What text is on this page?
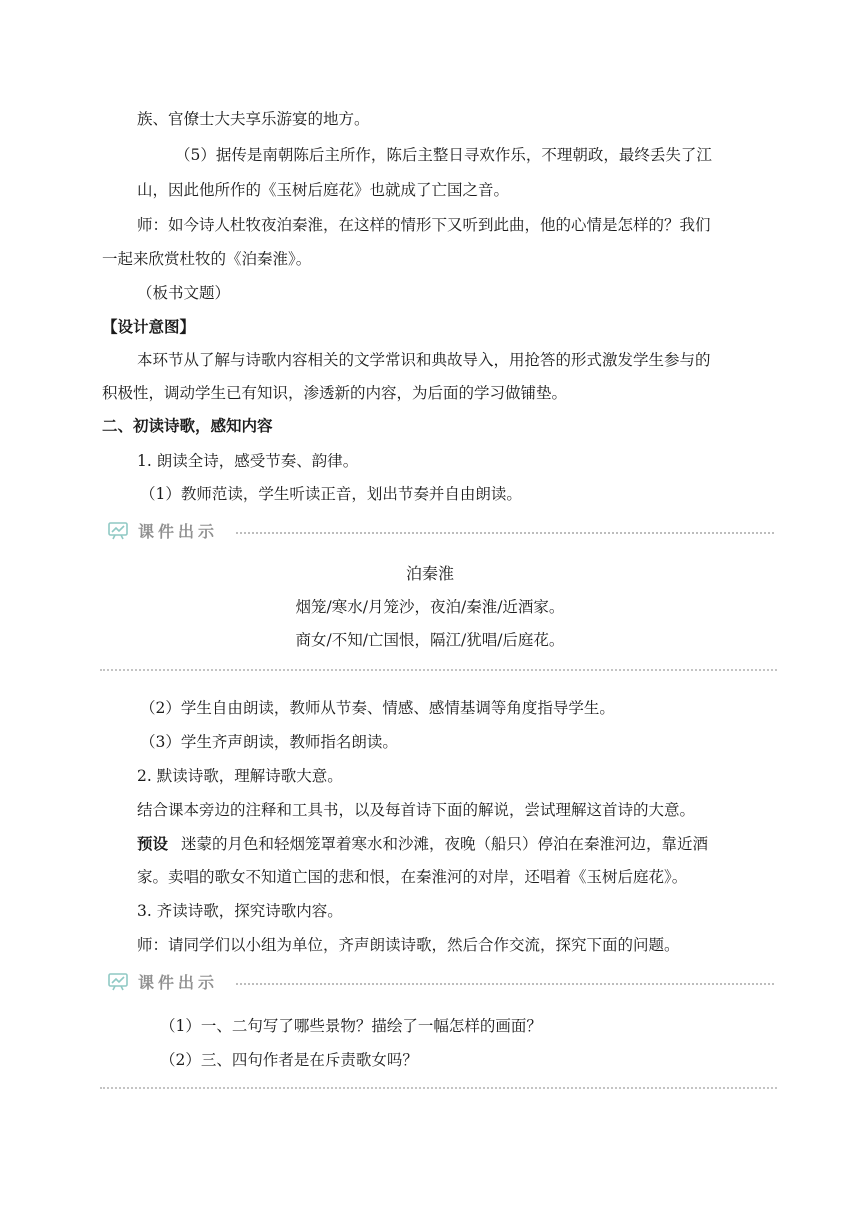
族、官僚士大夫享乐游宴的地方。
（5）据传是南朝陈后主所作，陈后主整日寻欢作乐，不理朝政，最终丢失了江
山，因此他所作的《玉树后庭花》也就成了亡国之音。
师：如今诗人杜牧夜泊秦淮，在这样的情形下又听到此曲，他的心情是怎样的？我们
一起来欣赏杜牧的《泊秦淮》。
（板书文题）
【设计意图】
本环节从了解与诗歌内容相关的文学常识和典故导入，用抢答的形式激发学生参与的
积极性，调动学生已有知识，渗透新的内容，为后面的学习做铺垫。
二、初读诗歌，感知内容
1. 朗读全诗，感受节奏、韵律。
（1）教师范读，学生听读正音，划出节奏并自由朗读。
课件出示
泊秦淮
烟笼/寒水/月笼沙，夜泊/秦淮/近酒家。
商女/不知/亡国恨，隔江/犹唱/后庭花。
（2）学生自由朗读，教师从节奏、情感、感情基调等角度指导学生。
（3）学生齐声朗读，教师指名朗读。
2. 默读诗歌，理解诗歌大意。
结合课本旁边的注释和工具书，以及每首诗下面的解说，尝试理解这首诗的大意。
预设 迷蒙的月色和轻烟笼罩着寒水和沙滩，夜晚（船只）停泊在秦淮河边，靠近酒
家。卖唱的歌女不知道亡国的悲和恨，在秦淮河的对岸，还唱着《玉树后庭花》。
3. 齐读诗歌，探究诗歌内容。
师：请同学们以小组为单位，齐声朗读诗歌，然后合作交流，探究下面的问题。
课件出示
（1）一、二句写了哪些景物？描绘了一幅怎样的画面？
（2）三、四句作者是在斥责歌女吗？
